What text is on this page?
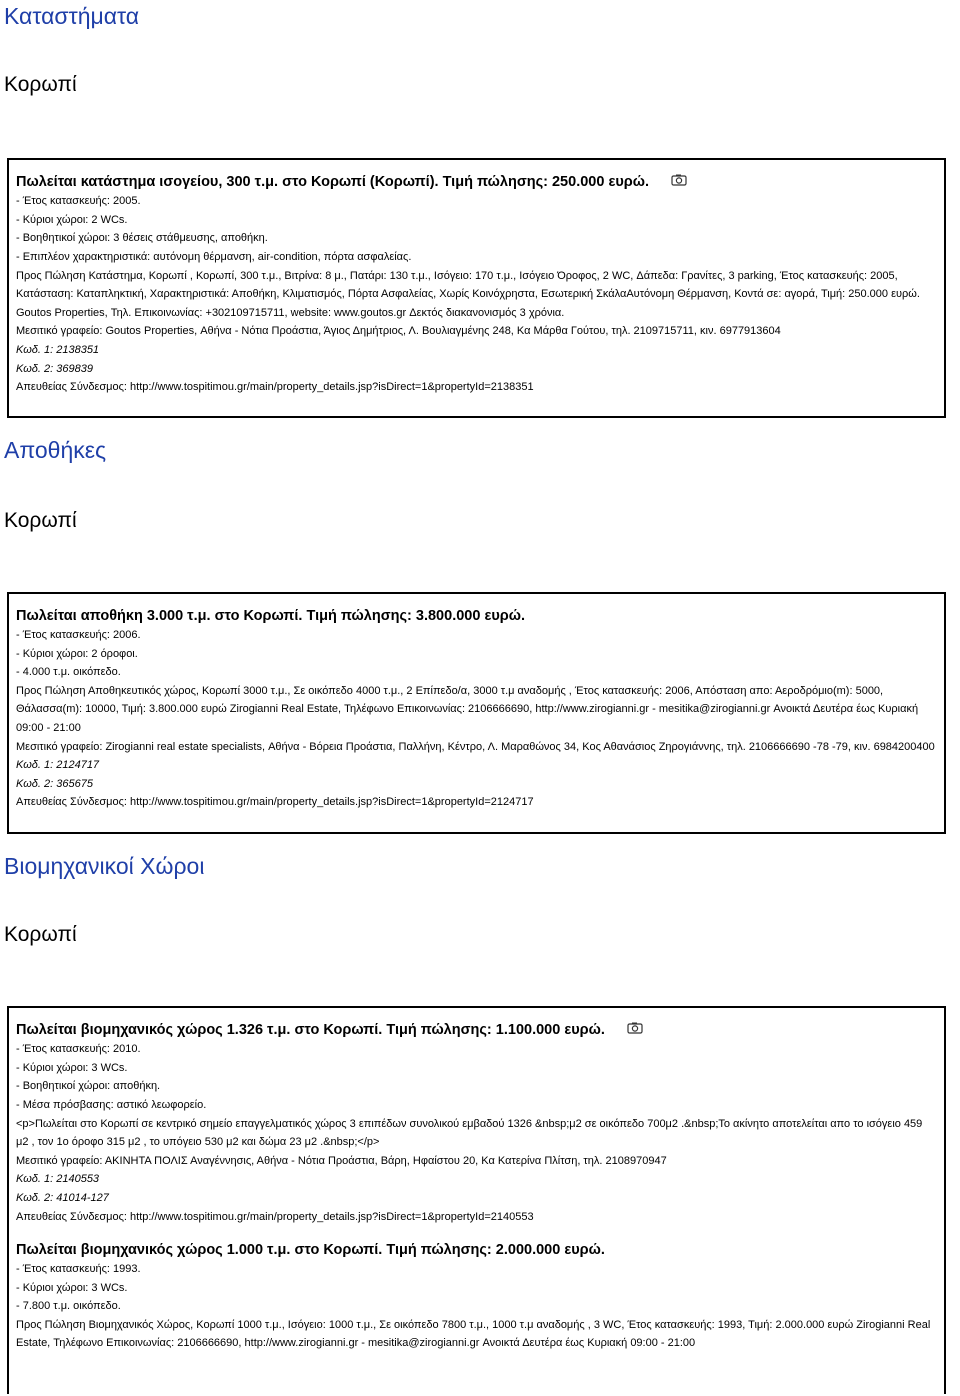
Καταστήματα
Κορωπί
Πωλείται κατάστημα ισογείου, 300 τ.μ. στο Κορωπί (Κορωπί). Τιμή πώλησης: 250.000 ευρώ.
- Έτος κατασκευής: 2005.
- Κύριοι χώροι: 2 WCs.
- Βοηθητικοί χώροι: 3 θέσεις στάθμευσης, αποθήκη.
- Επιπλέον χαρακτηριστικά: αυτόνομη θέρμανση, air-condition, πόρτα ασφαλείας.
Προς Πώληση Κατάστημα, Κορωπί , Κορωπί, 300 τ.μ., Βιτρίνα: 8 μ., Πατάρι: 130 τ.μ., Ισόγειο: 170 τ.μ., Ισόγειο Όροφος, 2 WC, Δάπεδα: Γρανίτες, 3 parking, Έτος κατασκευής: 2005, Κατάσταση: Καταπληκτική, Χαρακτηριστικά: Αποθήκη, Κλιματισμός, Πόρτα Ασφαλείας, Χωρίς Κοινόχρηστα, Εσωτερική ΣκάλαΑυτόνομη Θέρμανση, Κοντά σε: αγορά, Τιμή: 250.000 ευρώ. Goutos Properties, Τηλ. Επικοινωνίας: +302109715711, website: www.goutos.gr Δεκτός διακανονισμός 3 χρόνια.
Μεσιτικό γραφείο: Goutos Properties, Αθήνα - Νότια Προάστια, Άγιος Δημήτριος, Λ. Βουλιαγμένης 248, Κα Μάρθα Γούτου, τηλ. 2109715711, κιν. 6977913604
Κωδ. 1: 2138351
Κωδ. 2: 369839
Απευθείας Σύνδεσμος: http://www.tospitimou.gr/main/property_details.jsp?isDirect=1&propertyId=2138351
Αποθήκες
Κορωπί
Πωλείται αποθήκη 3.000 τ.μ. στο Κορωπί. Τιμή πώλησης: 3.800.000 ευρώ.
- Έτος κατασκευής: 2006.
- Κύριοι χώροι: 2 όροφοι.
- 4.000 τ.μ. οικόπεδο.
Προς Πώληση Αποθηκευτικός χώρος, Κορωπί 3000 τ.μ., Σε οικόπεδο 4000 τ.μ., 2 Επίπεδο/α, 3000 τ.μ αναδομής , Έτος κατασκευής: 2006, Απόσταση απο: Αεροδρόμιο(m): 5000, Θάλασσα(m): 10000, Τιμή: 3.800.000 ευρώ Zirogianni Real Estate, Τηλέφωνο Επικοινωνίας: 2106666690, http://www.zirogianni.gr - mesitika@zirogianni.gr Ανοικτά Δευτέρα έως Κυριακή 09:00 - 21:00
Μεσιτικό γραφείο: Zirogianni real estate specialists, Αθήνα - Βόρεια Προάστια, Παλλήνη, Κέντρο, Λ. Μαραθώνος 34, Κος Αθανάσιος Ζηρογιάννης, τηλ. 2106666690 -78 -79, κιν. 6984200400
Κωδ. 1: 2124717
Κωδ. 2: 365675
Απευθείας Σύνδεσμος: http://www.tospitimou.gr/main/property_details.jsp?isDirect=1&propertyId=2124717
Βιομηχανικοί Χώροι
Κορωπί
Πωλείται βιομηχανικός χώρος 1.326 τ.μ. στο Κορωπί. Τιμή πώλησης: 1.100.000 ευρώ.
- Έτος κατασκευής: 2010.
- Κύριοι χώροι: 3 WCs.
- Βοηθητικοί χώροι: αποθήκη.
- Μέσα πρόσβασης: αστικό λεωφορείο.
<p>Πωλείται στο Κορωπί σε κεντρικό σημείο επαγγελματικός χώρος 3 επιπέδων συνολικού εμβαδού 1326 &nbsp;μ2 σε οικόπεδο 700μ2 .&nbsp;Το ακίνητο αποτελείται απο το ισόγειο 459 μ2 , τον 1ο όροφο 315 μ2 , το υπόγειο 530 μ2 και δώμα 23 μ2 .&nbsp;</p>
Μεσιτικό γραφείο: ΑΚΙΝΗΤΑ ΠΟΛΙΣ Αναγέννησις, Αθήνα - Νότια Προάστια, Βάρη, Ηφαίστου 20, Κα Κατερίνα Πλίτση, τηλ. 2108970947
Κωδ. 1: 2140553
Κωδ. 2: 41014-127
Απευθείας Σύνδεσμος: http://www.tospitimou.gr/main/property_details.jsp?isDirect=1&propertyId=2140553
Πωλείται βιομηχανικός χώρος 1.000 τ.μ. στο Κορωπί. Τιμή πώλησης: 2.000.000 ευρώ.
- Έτος κατασκευής: 1993.
- Κύριοι χώροι: 3 WCs.
- 7.800 τ.μ. οικόπεδο.
Προς Πώληση Βιομηχανικός Χώρος, Κορωπί 1000 τ.μ., Ισόγειο: 1000 τ.μ., Σε οικόπεδο 7800 τ.μ., 1000 τ.μ αναδομής , 3 WC, Έτος κατασκευής: 1993, Τιμή: 2.000.000 ευρώ Zirogianni Real Estate, Τηλέφωνο Επικοινωνίας: 2106666690, http://www.zirogianni.gr - mesitika@zirogianni.gr Ανοικτά Δευτέρα έως Κυριακή 09:00 - 21:00
